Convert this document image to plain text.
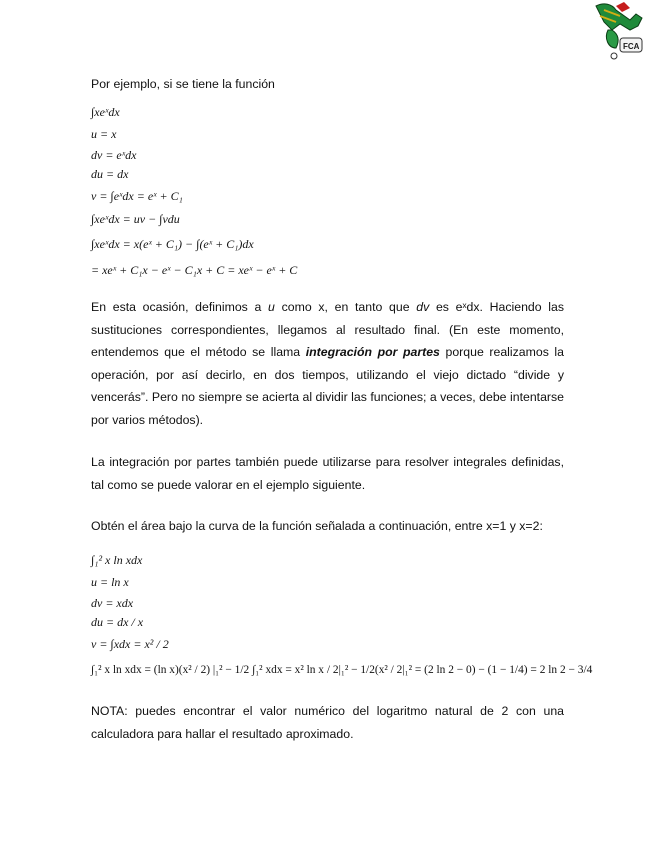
FCA
Por ejemplo, si se tiene la función
∫xeˣdx
u = x
dv = eˣdx
du = dx
v = ∫eˣdx = eˣ + C₁
∫xeˣdx = uv − ∫vdu
∫xeˣdx = x(eˣ + C₁) − ∫(eˣ + C₁)dx
= xeˣ + C₁x − eˣ − C₁x + C = xeˣ − eˣ + C

En esta ocasión, definimos a u como x, en tanto que dv es eˣdx. Haciendo las sustituciones correspondientes, llegamos al resultado final. (En este momento, entendemos que el método se llama integración por partes porque realizamos la operación, por así decirlo, en dos tiempos, utilizando el viejo dictado “divide y vencerás”. Pero no siempre se acierta al dividir las funciones; a veces, debe intentarse por varios métodos).

La integración por partes también puede utilizarse para resolver integrales definidas, tal como se puede valorar en el ejemplo siguiente.

Obtén el área bajo la curva de la función señalada a continuación, entre x=1 y x=2:
∫₁² x ln xdx
u = ln x
dv = xdx
du = dx / x
v = ∫xdx = x² / 2
∫₁² x ln xdx = (ln x)(x² / 2) |₁² − 1/2 ∫₁² xdx = x² ln x / 2|₁² − 1/2(x² / 2|₁² = (2 ln 2 − 0) − (1 − 1/4) = 2 ln 2 − 3/4

NOTA: puedes encontrar el valor numérico del logaritmo natural de 2 con una calculadora para hallar el resultado aproximado.
